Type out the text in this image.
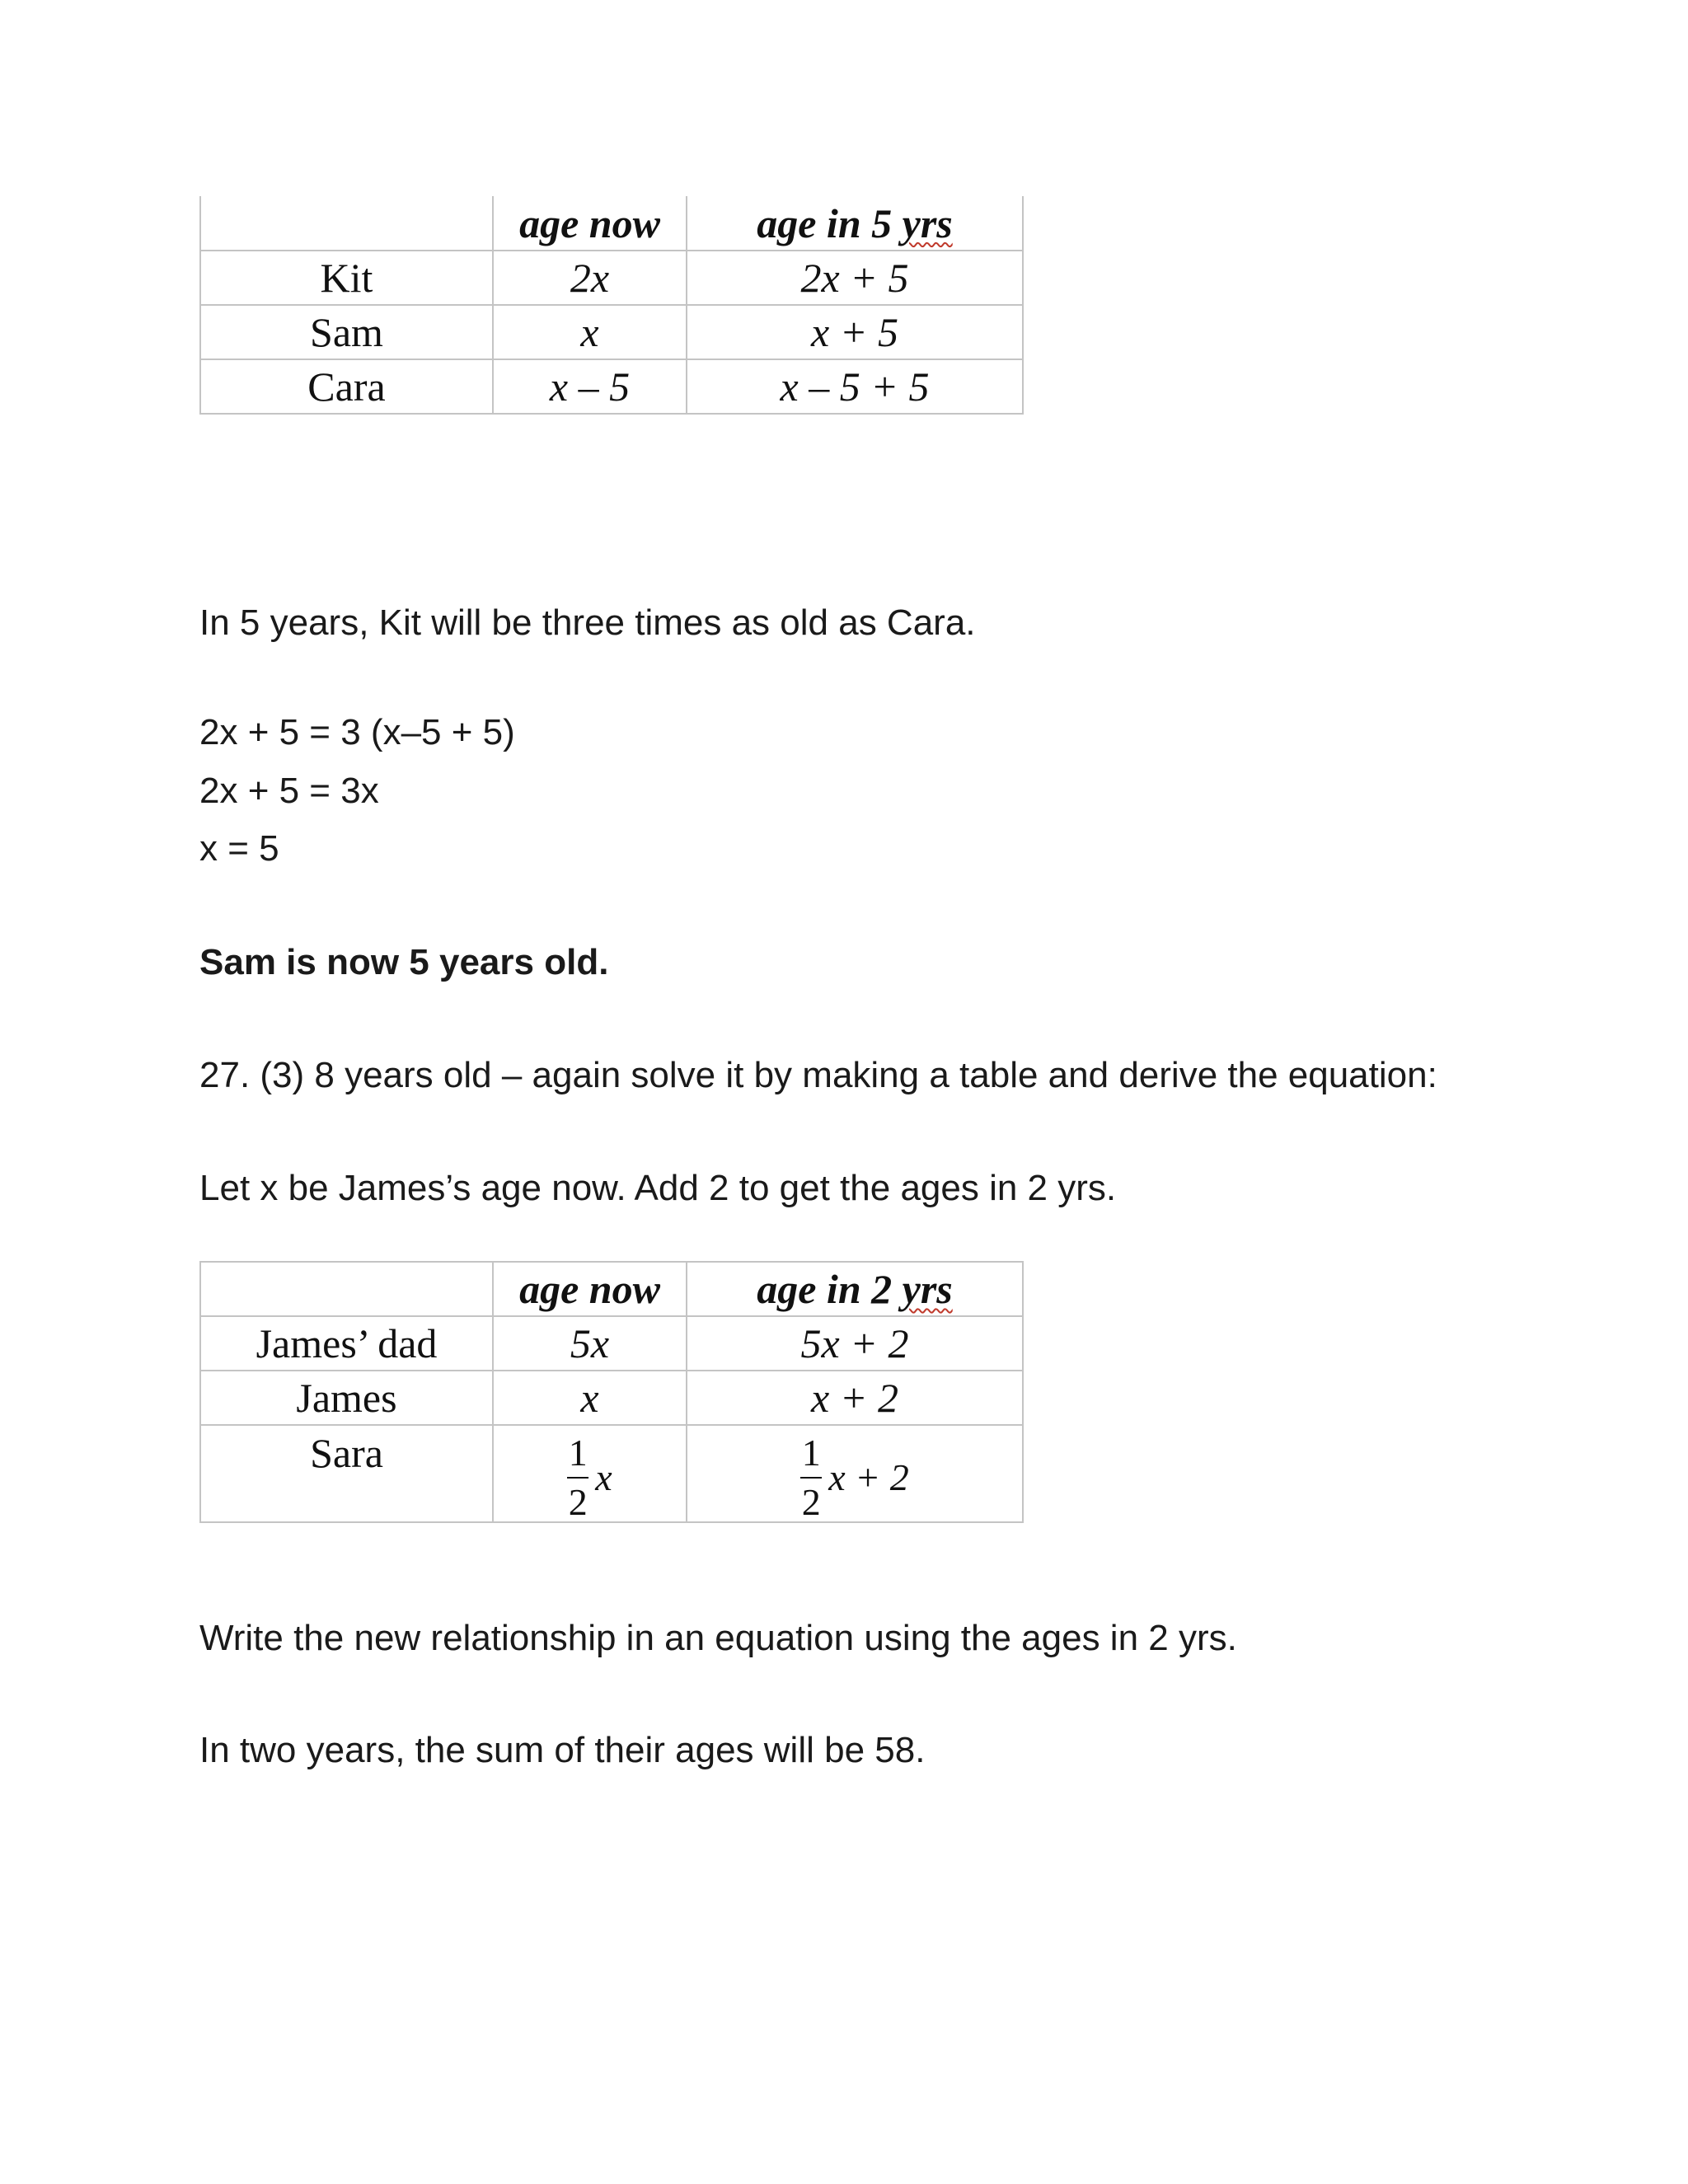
	age now	age in 5 yrs
Kit	2x	2x + 5
Sam	x	x + 5
Cara	x – 5	x – 5 + 5
In 5 years, Kit will be three times as old as Cara.
2x + 5 = 3 (x–5 + 5)
2x + 5 = 3x
x = 5
Sam is now 5 years old.
27. (3) 8 years old – again solve it by making a table and derive the equation:
Let x be James’s age now. Add 2 to get the ages in 2 yrs.
	age now	age in 2 yrs
James’ dad	5x	5x + 2
James	x	x + 2
Sara	$\frac{1}{2}$ x	$\frac{1}{2}$ x + 2
Write the new relationship in an equation using the ages in 2 yrs.
In two years, the sum of their ages will be 58.
